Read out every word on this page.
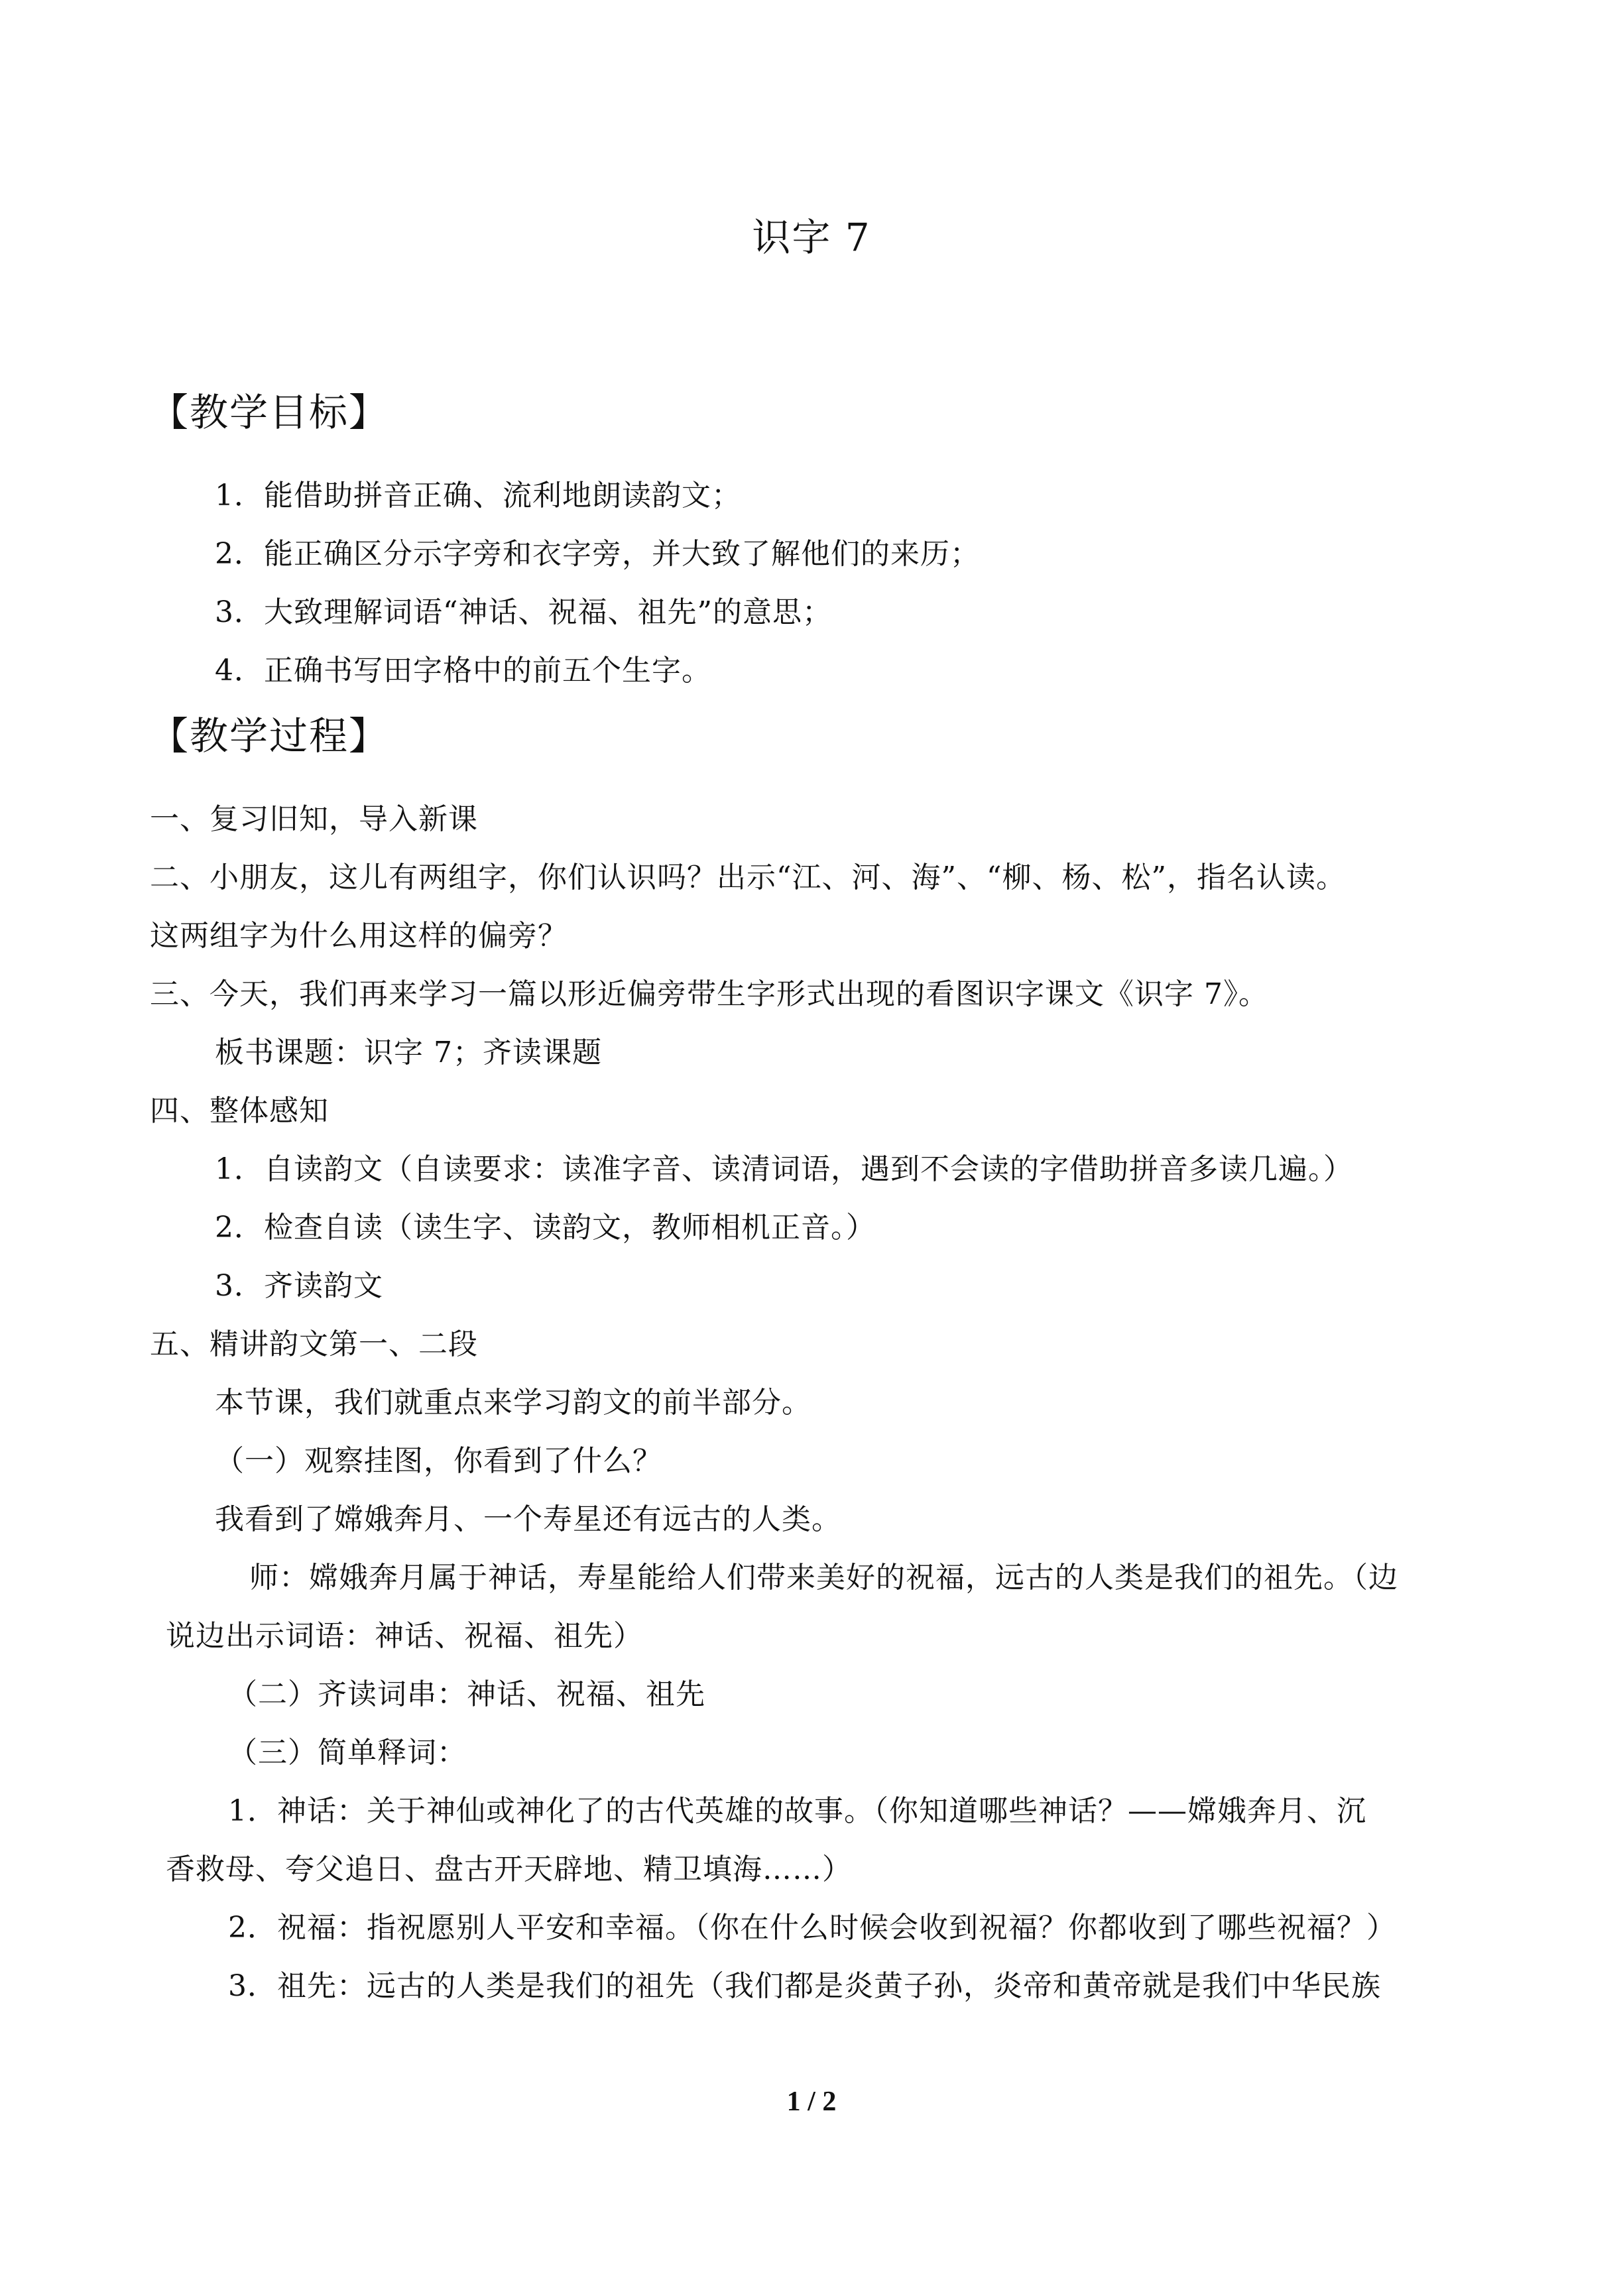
识字 7
【教学目标】
1．能借助拼音正确、流利地朗读韵文；
2．能正确区分示字旁和衣字旁，并大致了解他们的来历；
3．大致理解词语“神话、祝福、祖先”的意思；
4．正确书写田字格中的前五个生字。
【教学过程】
一、复习旧知，导入新课
二、小朋友，这儿有两组字，你们认识吗？出示“江、河、海”、“柳、杨、松”，指名认读。
这两组字为什么用这样的偏旁？
三、今天，我们再来学习一篇以形近偏旁带生字形式出现的看图识字课文《识字 7》。
板书课题：识字 7；齐读课题
四、整体感知
1．自读韵文（自读要求：读准字音、读清词语，遇到不会读的字借助拼音多读几遍。）
2．检查自读（读生字、读韵文，教师相机正音。）
3．齐读韵文
五、精讲韵文第一、二段
本节课，我们就重点来学习韵文的前半部分。
（一）观察挂图，你看到了什么？
我看到了嫦娥奔月、一个寿星还有远古的人类。
师：嫦娥奔月属于神话，寿星能给人们带来美好的祝福，远古的人类是我们的祖先。（边
说边出示词语：神话、祝福、祖先）
（二）齐读词串：神话、祝福、祖先
（三）简单释词：
1．神话：关于神仙或神化了的古代英雄的故事。（你知道哪些神话？——嫦娥奔月、沉
香救母、夸父追日、盘古开天辟地、精卫填海……）
2．祝福：指祝愿别人平安和幸福。（你在什么时候会收到祝福？你都收到了哪些祝福？）
3．祖先：远古的人类是我们的祖先（我们都是炎黄子孙，炎帝和黄帝就是我们中华民族
1 / 2
